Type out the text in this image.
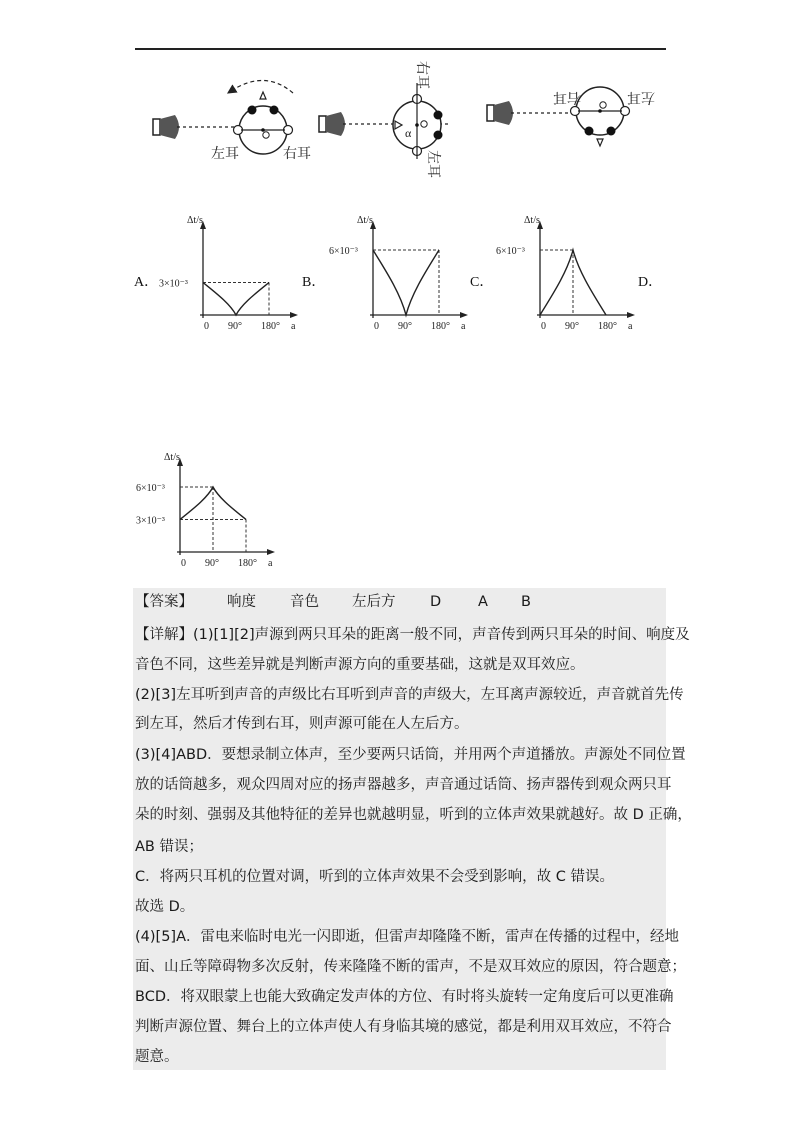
左耳	右耳
α
右耳
左耳
右耳	左耳
A．	B．	C．	D．
Δt/s
a
0 90° 180°
3×10⁻³
Δt/s
a
0 90° 180°
6×10⁻³
Δt/s
a
0 90° 180°
6×10⁻³
Δt/s
a
0 90° 180°
3×10⁻³
6×10⁻³
【答案】 响度 音色 左后方 D	A B
【详解】(1)[1][2]声源到两只耳朵的距离一般不同，声音传到两只耳朵的时间、响度及
音色不同，这些差异就是判断声源方向的重要基础，这就是双耳效应。
(2)[3]左耳听到声音的声级比右耳听到声音的声级大，左耳离声源较近，声音就首先传
到左耳，然后才传到右耳，则声源可能在人左后方。
(3)[4]ABD．要想录制立体声，至少要两只话筒，并用两个声道播放。声源处不同位置
放的话筒越多，观众四周对应的扬声器越多，声音通过话筒、扬声器传到观众两只耳
朵的时刻、强弱及其他特征的差异也就越明显，听到的立体声效果就越好。故 D 正确，
AB 错误；
C．将两只耳机的位置对调，听到的立体声效果不会受到影响，故 C 错误。
故选 D。
(4)[5]A．雷电来临时电光一闪即逝，但雷声却隆隆不断，雷声在传播的过程中，经地
面、山丘等障碍物多次反射，传来隆隆不断的雷声，不是双耳效应的原因，符合题意；
BCD．将双眼蒙上也能大致确定发声体的方位、有时将头旋转一定角度后可以更准确
判断声源位置、舞台上的立体声使人有身临其境的感觉，都是利用双耳效应，不符合
题意。
